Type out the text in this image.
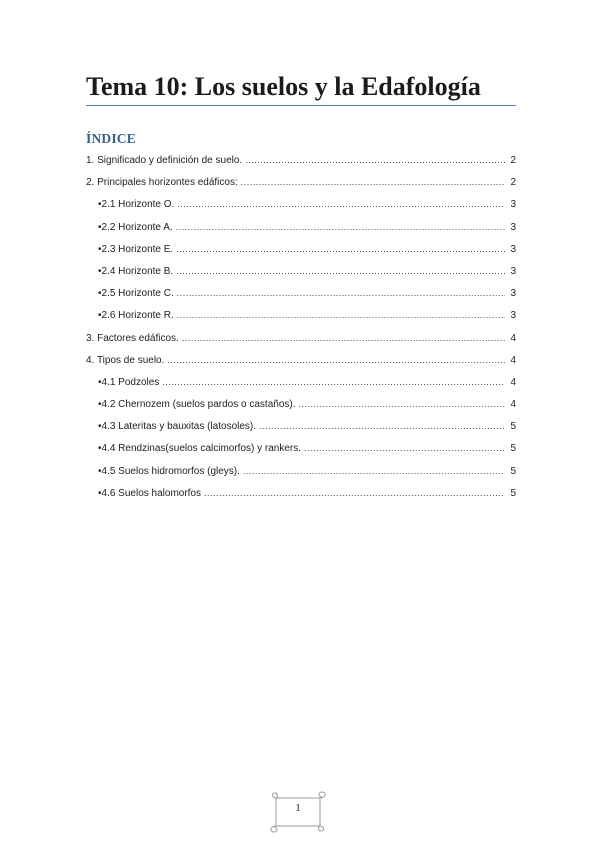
Tema 10: Los suelos y la Edafología
ÍNDICE
1. Significado y definición de suelo. .....	2
2. Principales horizontes edáficos: .....	2
•2.1 Horizonte O. .....	3
•2.2 Horizonte A. .....	3
•2.3 Horizonte E. .....	3
•2.4 Horizonte B. .....	3
•2.5 Horizonte C. .....	3
•2.6 Horizonte R. .....	3
3. Factores edáficos. .....	4
4. Tipos de suelo. .....	4
•4.1 Podzoles .....	4
•4.2 Chernozem (suelos pardos o castaños). .....	4
•4.3 Lateritas y bauxitas (latosoles). .....	5
•4.4 Rendzinas(suelos calcimorfos) y rankers. .....	5
•4.5 Suelos hidromorfos (gleys). .....	5
•4.6 Suelos halomorfos .....	5

1
